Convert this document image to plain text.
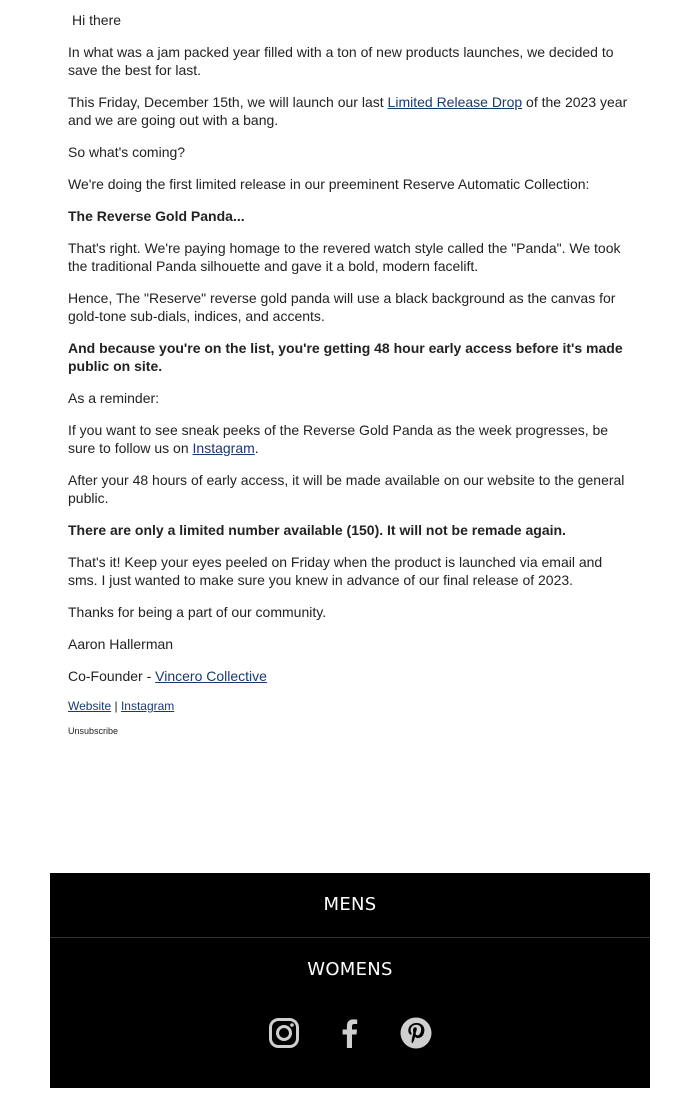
Hi there

In what was a jam packed year filled with a ton of new products launches, we decided to save the best for last.

This Friday, December 15th, we will launch our last Limited Release Drop of the 2023 year and we are going out with a bang.

So what's coming?

We're doing the first limited release in our preeminent Reserve Automatic Collection:

The Reverse Gold Panda...

That's right. We're paying homage to the revered watch style called the "Panda". We took the traditional Panda silhouette and gave it a bold, modern facelift.

Hence, The "Reserve" reverse gold panda will use a black background as the canvas for gold-tone sub-dials, indices, and accents.

And because you're on the list, you're getting 48 hour early access before it's made public on site.

As a reminder:

If you want to see sneak peeks of the Reverse Gold Panda as the week progresses, be sure to follow us on Instagram.

After your 48 hours of early access, it will be made available on our website to the general public.

There are only a limited number available (150). It will not be remade again.

That's it! Keep your eyes peeled on Friday when the product is launched via email and sms. I just wanted to make sure you knew in advance of our final release of 2023.

Thanks for being a part of our community.

Aaron Hallerman

Co-Founder - Vincero Collective

Website | Instagram

Unsubscribe

MENS
WOMENS
